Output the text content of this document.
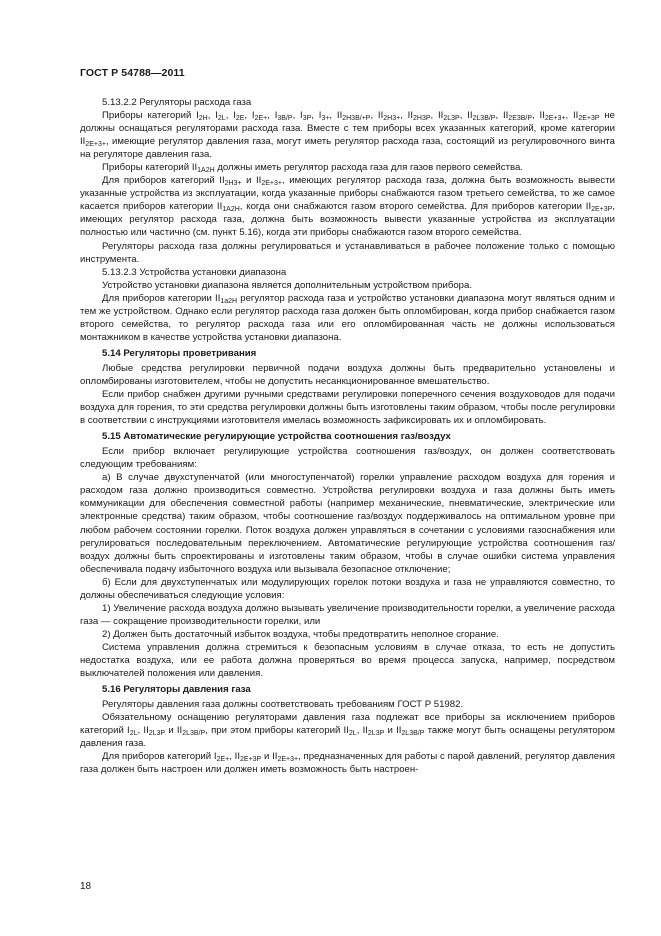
ГОСТ Р 54788—2011

5.13.2.2 Регуляторы расхода газа

Приборы категорий $I_{2H}$, $I_{2L}$, $I_{2E}$, $I_{2E+}$, $I_{3B/P}$, $I_{3P}$, $I_{3+}$, $II_{2H3B/+P}$, $II_{2H3+}$, $II_{2H3P}$, $II_{2L3P}$, $II_{2L3B/P}$, $II_{2E3B/P}$, $II_{2E+3+}$, $II_{2E+3P}$ не должны оснащаться регуляторами расхода газа. Вместе с тем приборы всех указанных категорий, кроме категории $II_{2E+3+}$, имеющие регулятор давления газа, могут иметь регулятор расхода газа, состоящий из регулировочного винта на регуляторе давления газа.

Приборы категорий $II_{1A2H}$ должны иметь регулятор расхода газа для газов первого семейства.

Для приборов категорий $II_{2H3+}$ и $II_{2E+3+}$, имеющих регулятор расхода газа, должна быть возможность вывести указанные устройства из эксплуатации, когда указанные приборы снабжаются газом третьего семейства, то же самое касается приборов категории $II_{1A2H}$, когда они снабжаются газом второго семейства. Для приборов категории $II_{2E+3P}$, имеющих регулятор расхода газа, должна быть возможность вывести указанные устройства из эксплуатации полностью или частично (см. пункт 5.16), когда эти приборы снабжаются газом второго семейства.

Регуляторы расхода газа должны регулироваться и устанавливаться в рабочее положение только с помощью инструмента.

5.13.2.3 Устройства установки диапазона

Устройство установки диапазона является дополнительным устройством прибора.

Для приборов категории $II_{1a2H}$ регулятор расхода газа и устройство установки диапазона могут являться одним и тем же устройством. Однако если регулятор расхода газа должен быть опломбирован, когда прибор снабжается газом второго семейства, то регулятор расхода газа или его опломбированная часть не должны использоваться монтажником в качестве устройства установки диапазона.

5.14 Регуляторы проветривания

Любые средства регулировки первичной подачи воздуха должны быть предварительно установлены и опломбированы изготовителем, чтобы не допустить несанкционированное вмешательство.

Если прибор снабжен другими ручными средствами регулировки поперечного сечения воздуховодов для подачи воздуха для горения, то эти средства регулировки должны быть изготовлены таким образом, чтобы после регулировки в соответствии с инструкциями изготовителя имелась возможность зафиксировать их и опломбировать.

5.15 Автоматические регулирующие устройства соотношения газ/воздух

Если прибор включает регулирующие устройства соотношения газ/воздух, он должен соответствовать следующим требованиям:

а) В случае двухступенчатой (или многоступенчатой) горелки управление расходом воздуха для горения и расходом газа должно производиться совместно. Устройства регулировки воздуха и газа должны быть иметь коммуникации для обеспечения совместной работы (например механические, пневматические, электрические или электронные средства) таким образом, чтобы соотношение газ/воздух поддерживалось на оптимальном уровне при любом рабочем состоянии горелки. Поток воздуха должен управляться в сочетании с условиями газоснабжения или регулироваться последовательным переключением. Автоматические регулирующие устройства соотношения газ/воздух должны быть спроектированы и изготовлены таким образом, чтобы в случае ошибки система управления обеспечивала подачу избыточного воздуха или вызывала безопасное отключение;

б) Если для двухступенчатых или модулирующих горелок потоки воздуха и газа не управляются совместно, то должны обеспечиваться следующие условия:

1) Увеличение расхода воздуха должно вызывать увеличение производительности горелки, а увеличение расхода газа — сокращение производительности горелки, или

2) Должен быть достаточный избыток воздуха, чтобы предотвратить неполное сгорание.

Система управления должна стремиться к безопасным условиям в случае отказа, то есть не допустить недостатка воздуха, или ее работа должна проверяться во время процесса запуска, например, посредством выключателей положения или давления.

5.16 Регуляторы давления газа

Регуляторы давления газа должны соответствовать требованиям ГОСТ Р 51982.

Обязательному оснащению регуляторами давления газа подлежат все приборы за исключением приборов категорий $I_{2L}$, $II_{2L3P}$ и $II_{2L3B/P}$, при этом приборы категорий $II_{2L}$, $II_{2L3P}$ и $II_{2L3B/P}$ также могут быть оснащены регулятором давления газа.

Для приборов категорий $I_{2E+}$, $II_{2E+3P}$ и $II_{2E+3+}$, предназначенных для работы с парой давлений, регулятор давления газа должен быть настроен или должен иметь возможность быть настроен-

18
